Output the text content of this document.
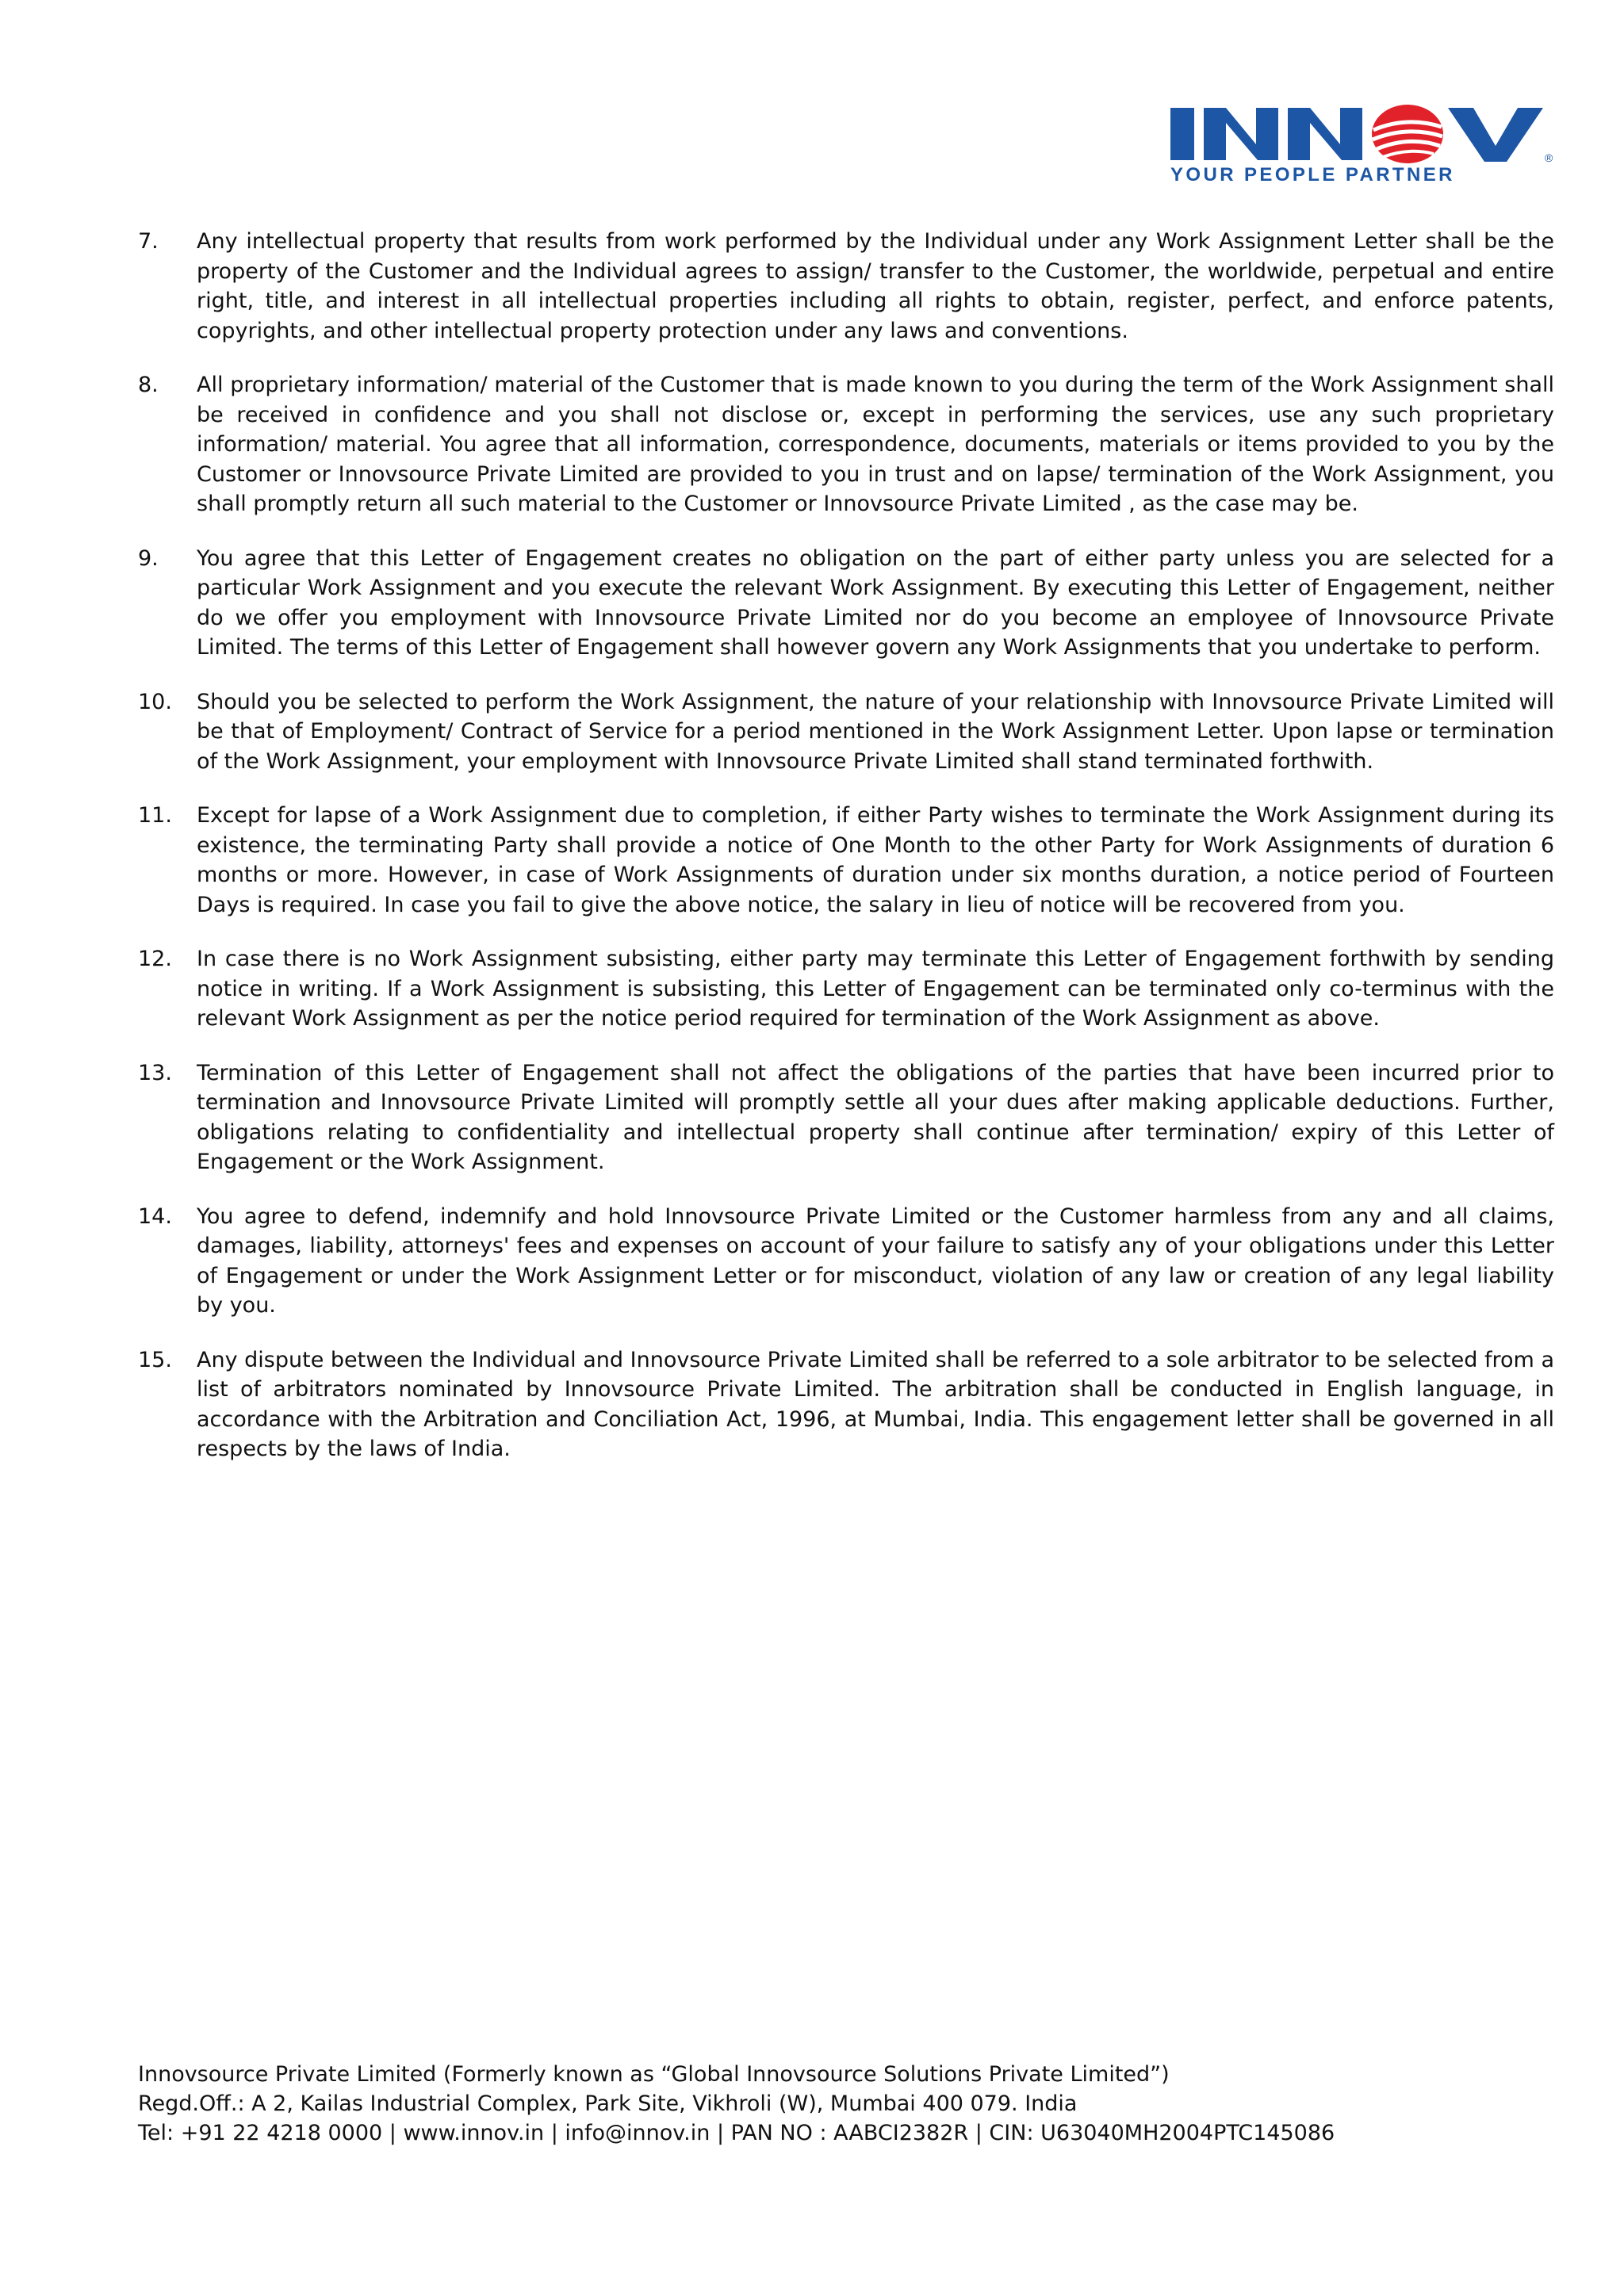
®
YOUR PEOPLE PARTNER
7.	Any intellectual property that results from work performed by the Individual under any Work Assignment Letter shall be the property of the Customer and the Individual agrees to assign/ transfer to the Customer, the worldwide, perpetual and entire right, title, and interest in all intellectual properties including all rights to obtain, register, perfect, and enforce patents, copyrights, and other intellectual property protection under any laws and conventions.
8.	All proprietary information/ material of the Customer that is made known to you during the term of the Work Assignment shall be received in confidence and you shall not disclose or, except in performing the services, use any such proprietary information/ material. You agree that all information, correspondence, documents, materials or items provided to you by the Customer or Innovsource Private Limited are provided to you in trust and on lapse/ termination of the Work Assignment, you shall promptly return all such material to the Customer or Innovsource Private Limited , as the case may be.
9.	You agree that this Letter of Engagement creates no obligation on the part of either party unless you are selected for a particular Work Assignment and you execute the relevant Work Assignment. By executing this Letter of Engagement, neither do we offer you employment with Innovsource Private Limited nor do you become an employee of Innovsource Private Limited. The terms of this Letter of Engagement shall however govern any Work Assignments that you undertake to perform.
10.	Should you be selected to perform the Work Assignment, the nature of your relationship with Innovsource Private Limited will be that of Employment/ Contract of Service for a period mentioned in the Work Assignment Letter. Upon lapse or termination of the Work Assignment, your employment with Innovsource Private Limited shall stand terminated forthwith.
11.	Except for lapse of a Work Assignment due to completion, if either Party wishes to terminate the Work Assignment during its existence, the terminating Party shall provide a notice of One Month to the other Party for Work Assignments of duration 6 months or more. However, in case of Work Assignments of duration under six months duration, a notice period of Fourteen Days is required. In case you fail to give the above notice, the salary in lieu of notice will be recovered from you.
12.	In case there is no Work Assignment subsisting, either party may terminate this Letter of Engagement forthwith by sending notice in writing. If a Work Assignment is subsisting, this Letter of Engagement can be terminated only co-terminus with the relevant Work Assignment as per the notice period required for termination of the Work Assignment as above.
13.	Termination of this Letter of Engagement shall not affect the obligations of the parties that have been incurred prior to termination and Innovsource Private Limited will promptly settle all your dues after making applicable deductions. Further, obligations relating to confidentiality and intellectual property shall continue after termination/ expiry of this Letter of Engagement or the Work Assignment.
14.	You agree to defend, indemnify and hold Innovsource Private Limited or the Customer harmless from any and all claims, damages, liability, attorneys' fees and expenses on account of your failure to satisfy any of your obligations under this Letter of Engagement or under the Work Assignment Letter or for misconduct, violation of any law or creation of any legal liability by you.
15.	Any dispute between the Individual and Innovsource Private Limited shall be referred to a sole arbitrator to be selected from a list of arbitrators nominated by Innovsource Private Limited. The arbitration shall be conducted in English language, in accordance with the Arbitration and Conciliation Act, 1996, at Mumbai, India. This engagement letter shall be governed in all respects by the laws of India.
Innovsource Private Limited (Formerly known as “Global Innovsource Solutions Private Limited”)
Regd.Off.: A 2, Kailas Industrial Complex, Park Site, Vikhroli (W), Mumbai 400 079. India
Tel: +91 22 4218 0000 | www.innov.in | info@innov.in | PAN NO : AABCI2382R | CIN: U63040MH2004PTC145086
